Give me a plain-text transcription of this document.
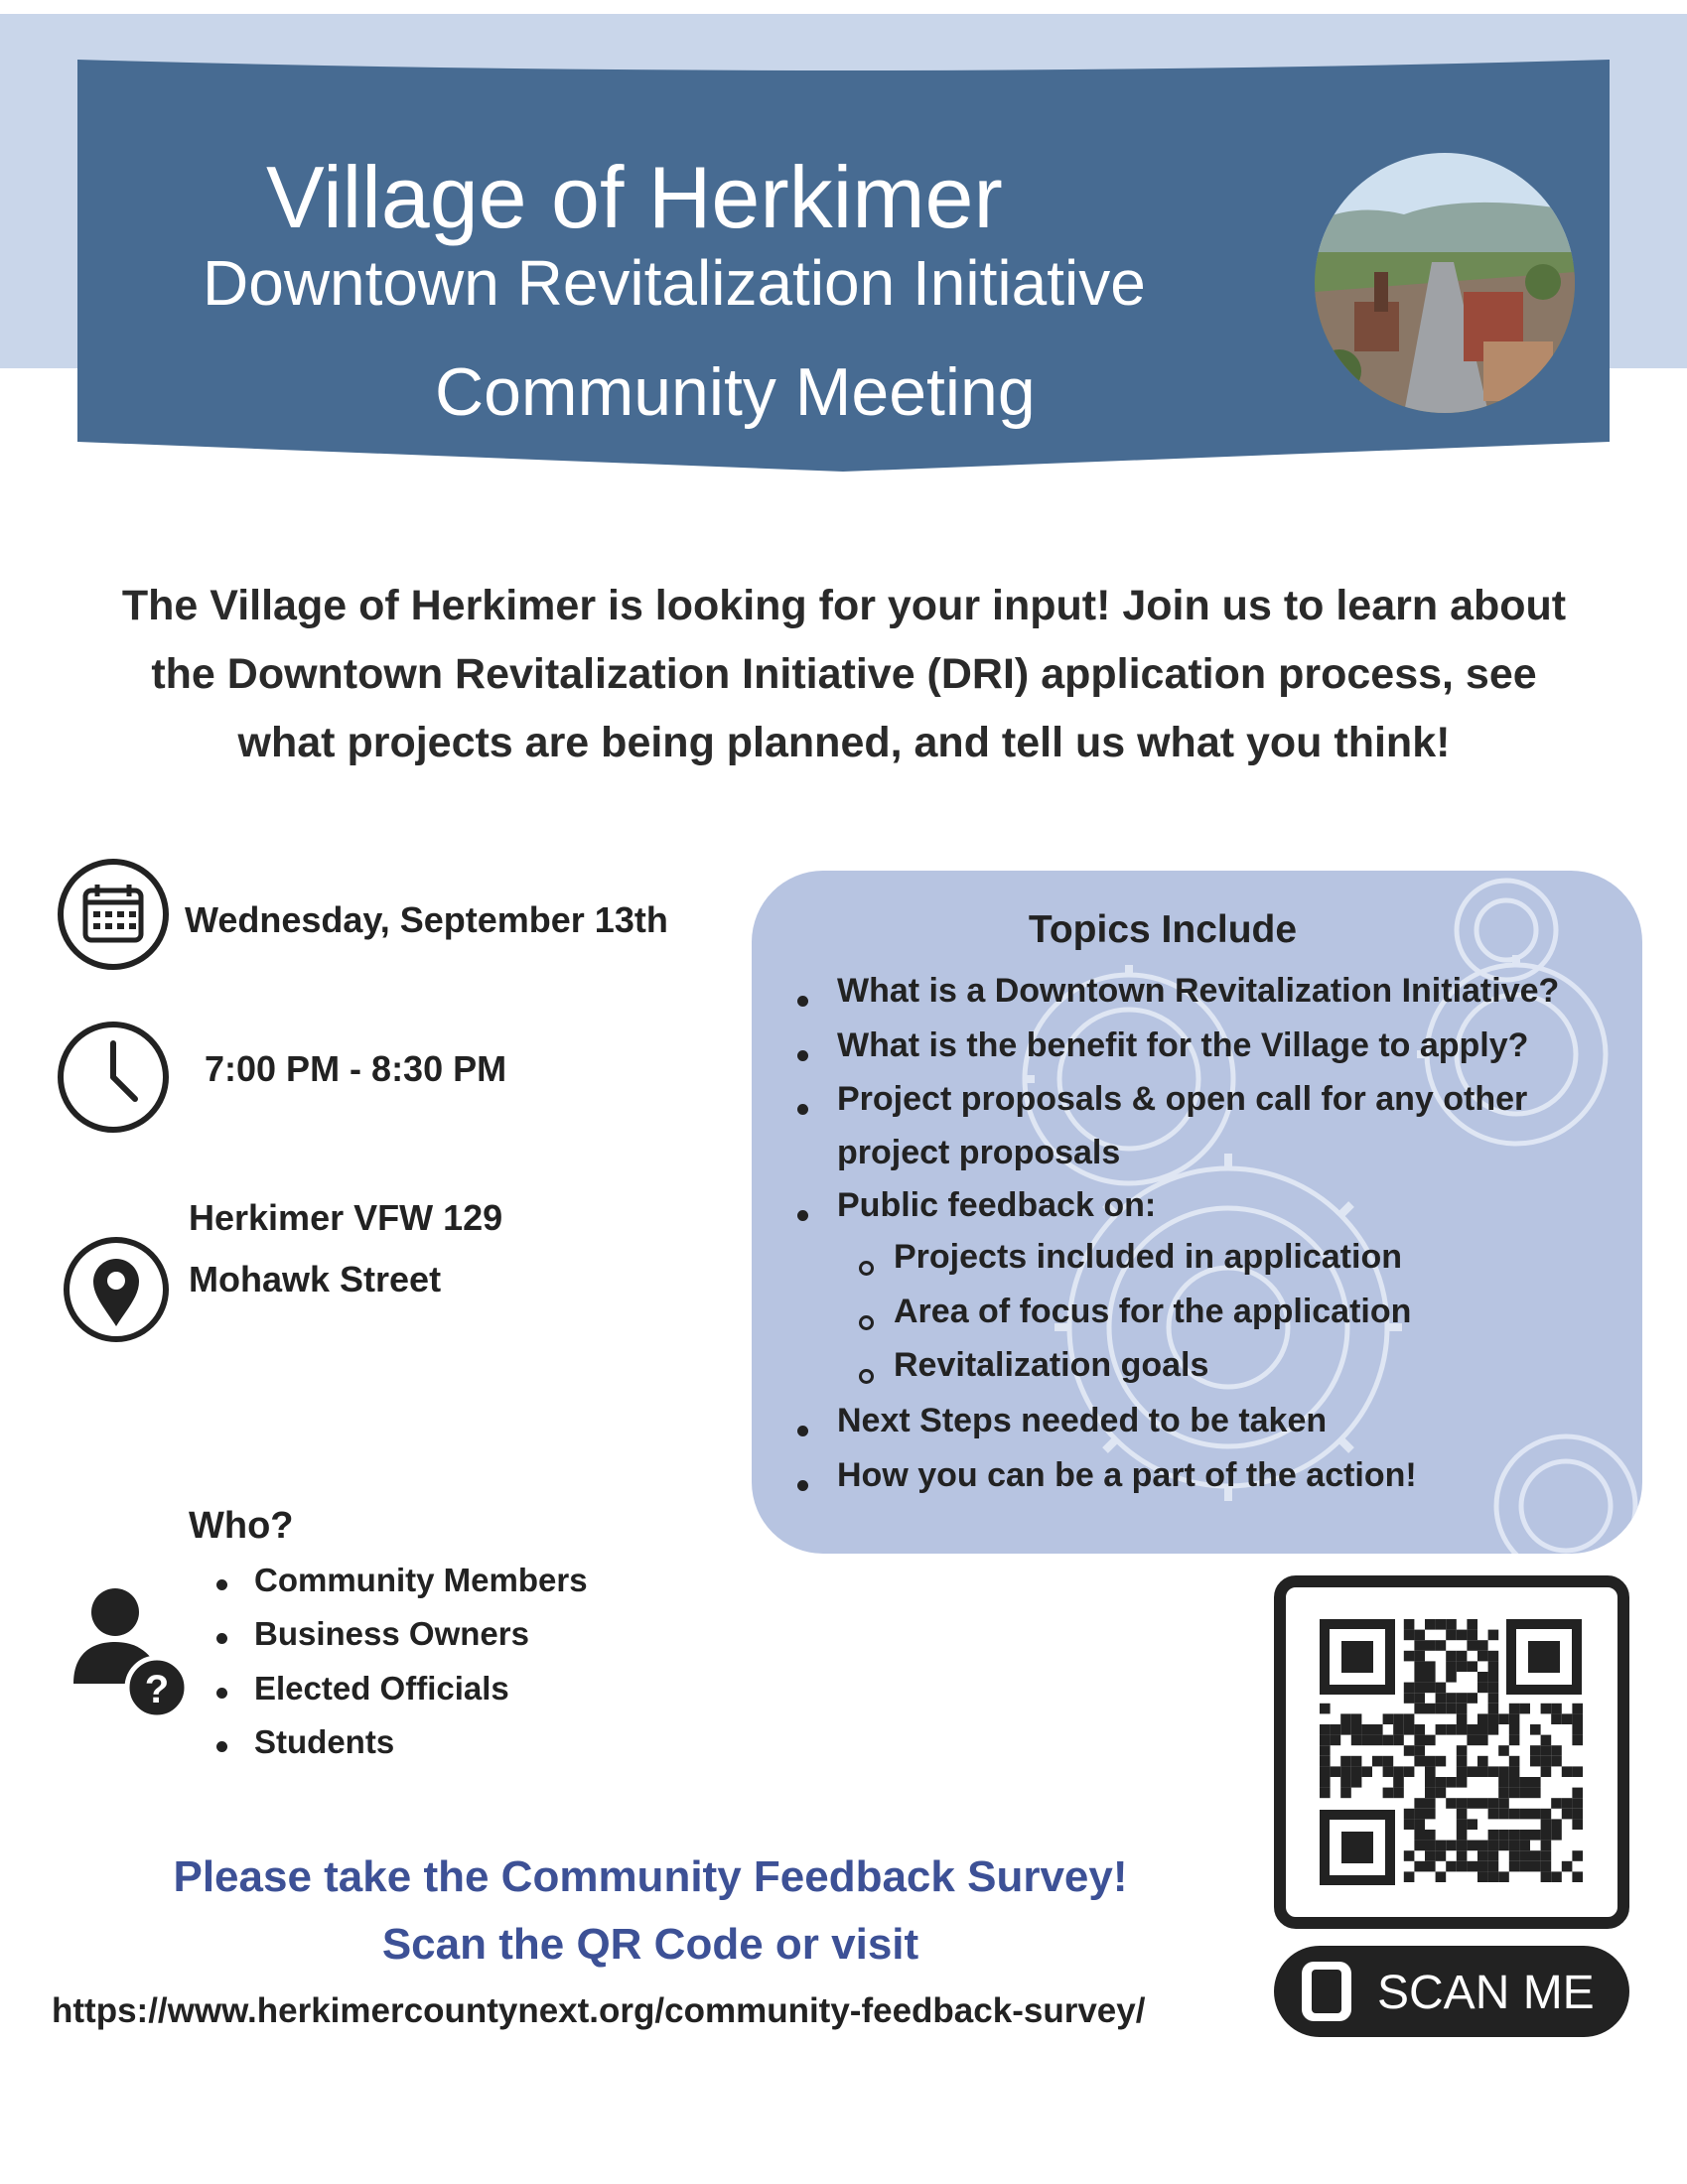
Village of Herkimer
Downtown Revitalization Initiative
Community Meeting
The Village of Herkimer is looking for your input! Join us to learn about
the Downtown Revitalization Initiative (DRI) application process, see
what projects are being planned, and tell us what you think!
Wednesday, September 13th
7:00 PM - 8:30 PM
Herkimer VFW 129
Mohawk Street
Topics Include
What is a Downtown Revitalization Initiative?
What is the benefit for the Village to apply?
Project proposals & open call for any other
project proposals
Public feedback on:
Projects included in application
Area of focus for the application
Revitalization goals
Next Steps needed to be taken
How you can be a part of the action!
Who?
?
Community Members
Business Owners
Elected Officials
Students
Please take the Community Feedback Survey!
Scan the QR Code or visit
https://www.herkimercountynext.org/community-feedback-survey/	SCAN ME
